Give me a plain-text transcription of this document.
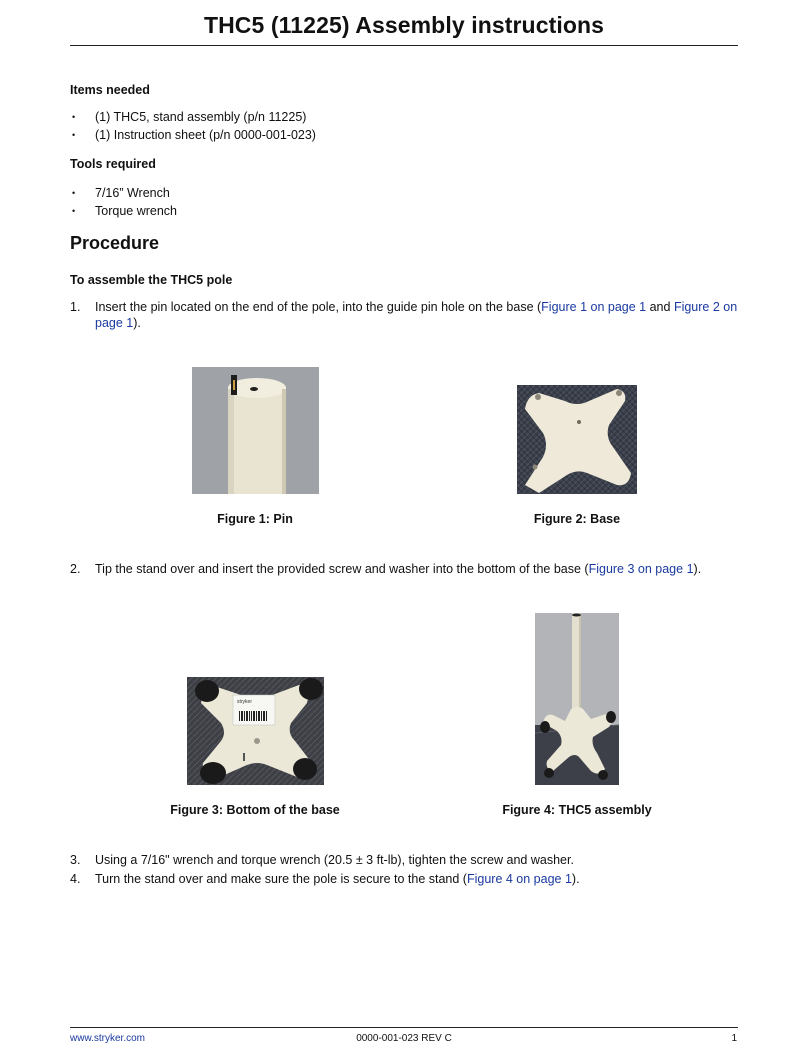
THC5 (11225) Assembly instructions
Items needed
• (1) THC5, stand assembly (p/n 11225)
• (1) Instruction sheet (p/n 0000-001-023)
Tools required
• 7/16” Wrench
• Torque wrench
Procedure
To assemble the THC5 pole
1. Insert the pin located on the end of the pole, into the guide pin hole on the base (Figure 1 on page 1 and Figure 2 on page 1).
Figure 1: Pin	Figure 2: Base
2. Tip the stand over and insert the provided screw and washer into the bottom of the base (Figure 3 on page 1).
stryker
Figure 3: Bottom of the base	Figure 4: THC5 assembly
3. Using a 7/16" wrench and torque wrench (20.5 ± 3 ft-lb), tighten the screw and washer.
4. Turn the stand over and make sure the pole is secure to the stand (Figure 4 on page 1).
www.stryker.com	0000-001-023 REV C	1
